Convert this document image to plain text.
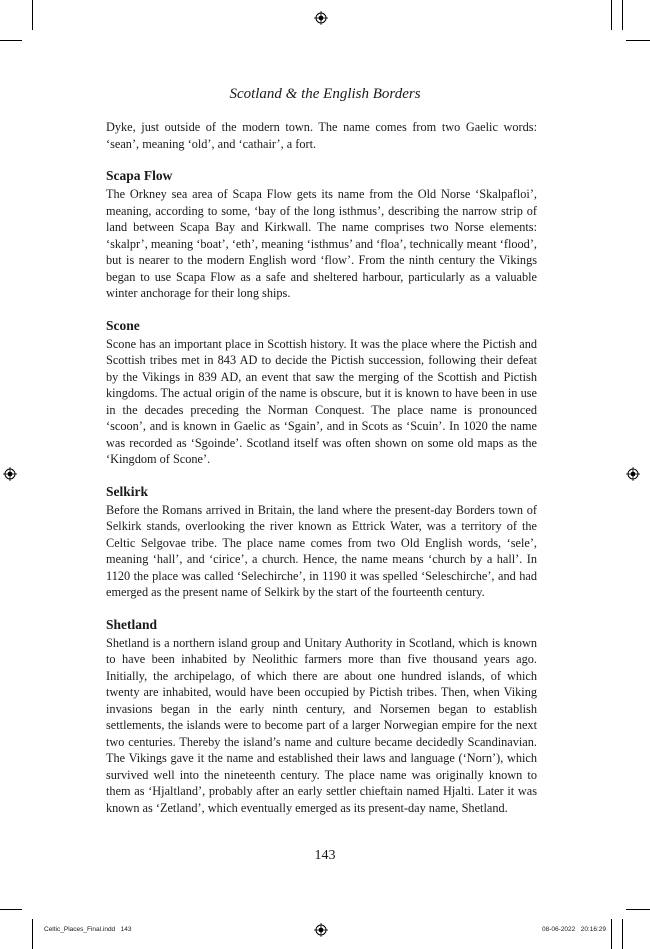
Scotland & the English Borders

Dyke, just outside of the modern town. The name comes from two Gaelic words: ‘sean’, meaning ‘old’, and ‘cathair’, a fort.

Scapa Flow

The Orkney sea area of Scapa Flow gets its name from the Old Norse ‘Skalpafloi’, meaning, according to some, ‘bay of the long isthmus’, describing the narrow strip of land between Scapa Bay and Kirkwall. The name comprises two Norse elements: ‘skalpr’, meaning ‘boat’, ‘eth’, meaning ‘isthmus’ and ‘floa’, technically meant ‘flood’, but is nearer to the modern English word ‘flow’. From the ninth century the Vikings began to use Scapa Flow as a safe and sheltered harbour, particularly as a valuable winter anchorage for their long ships.

Scone

Scone has an important place in Scottish history. It was the place where the Pictish and Scottish tribes met in 843 AD to decide the Pictish succession, following their defeat by the Vikings in 839 AD, an event that saw the merging of the Scottish and Pictish kingdoms. The actual origin of the name is obscure, but it is known to have been in use in the decades preceding the Norman Conquest. The place name is pronounced ‘scoon’, and is known in Gaelic as ‘Sgain’, and in Scots as ‘Scuin’. In 1020 the name was recorded as ‘Sgoinde’. Scotland itself was often shown on some old maps as the ‘Kingdom of Scone’.

Selkirk

Before the Romans arrived in Britain, the land where the present-day Borders town of Selkirk stands, overlooking the river known as Ettrick Water, was a territory of the Celtic Selgovae tribe. The place name comes from two Old English words, ‘sele’, meaning ‘hall’, and ‘cirice’, a church. Hence, the name means ‘church by a hall’. In 1120 the place was called ‘Selechirche’, in 1190 it was spelled ‘Seleschirche’, and had emerged as the present name of Selkirk by the start of the fourteenth century.

Shetland

Shetland is a northern island group and Unitary Authority in Scotland, which is known to have been inhabited by Neolithic farmers more than five thousand years ago. Initially, the archipelago, of which there are about one hundred islands, of which twenty are inhabited, would have been occupied by Pictish tribes. Then, when Viking invasions began in the early ninth century, and Norsemen began to establish settlements, the islands were to become part of a larger Norwegian empire for the next two centuries. Thereby the island’s name and culture became decidedly Scandinavian. The Vikings gave it the name and established their laws and language (‘Norn’), which survived well into the nineteenth century. The place name was originally known to them as ‘Hjaltland’, probably after an early settler chieftain named Hjalti. Later it was known as ‘Zetland’, which eventually emerged as its present-day name, Shetland.

143
Celtic_Places_Final.indd   143	08-06-2022   20:16:29
